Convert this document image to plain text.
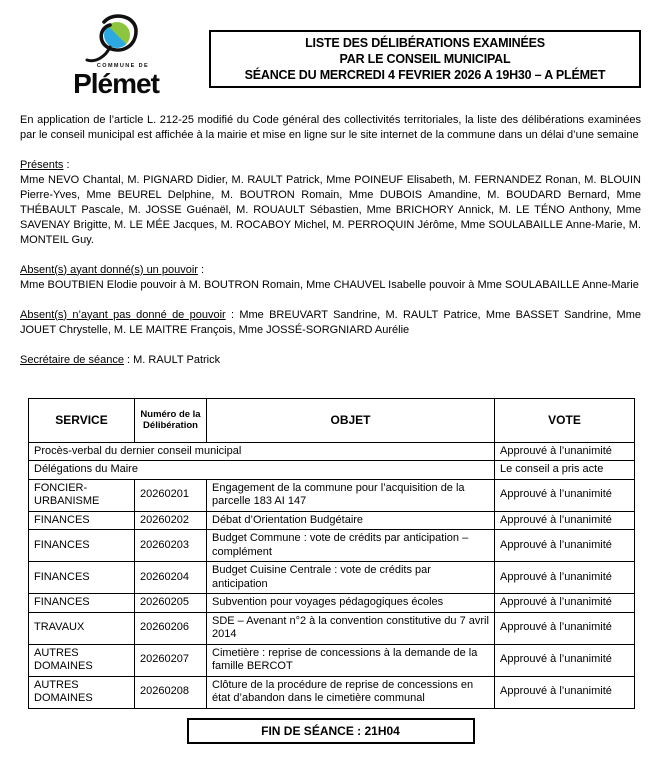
COMMUNE DE
Plémet
LISTE DES DÉLIBÉRATIONS EXAMINÉES
PAR LE CONSEIL MUNICIPAL
SÉANCE DU MERCREDI 4 FEVRIER 2026 A 19H30 – A PLÉMET

En application de l’article L. 212-25 modifié du Code général des collectivités territoriales, la liste des délibérations examinées par le conseil municipal est affichée à la mairie et mise en ligne sur le site internet de la commune dans un délai d’une semaine

Présents :
Mme NEVO Chantal, M. PIGNARD Didier, M. RAULT Patrick, Mme POINEUF Elisabeth, M. FERNANDEZ Ronan, M. BLOUIN Pierre-Yves, Mme BEUREL Delphine, M. BOUTRON Romain, Mme DUBOIS Amandine, M. BOUDARD Bernard, Mme THÉBAULT Pascale, M. JOSSE Guénaël, M. ROUAULT Sébastien, Mme BRICHORY Annick, M. LE TÉNO Anthony, Mme SAVENAY Brigitte, M. LE MÉE Jacques, M. ROCABOY Michel, M. PERROQUIN Jérôme, Mme SOULABAILLE Anne-Marie, M. MONTEIL Guy.
Absent(s) ayant donné(s) un pouvoir :
Mme BOUTBIEN Elodie pouvoir à M. BOUTRON Romain, Mme CHAUVEL Isabelle pouvoir à Mme SOULABAILLE Anne-Marie
Absent(s) n’ayant pas donné de pouvoir : Mme BREUVART Sandrine, M. RAULT Patrice, Mme BASSET Sandrine, Mme JOUET Chrystelle, M. LE MAITRE François, Mme JOSSÉ-SORGNIARD Aurélie
Secrétaire de séance : M. RAULT Patrick
SERVICE	Numéro de la Délibération	OBJET	VOTE
Procès-verbal du dernier conseil municipal			Approuvé à l’unanimité
Délégations du Maire			Le conseil a pris acte
FONCIER-URBANISME	20260201	Engagement de la commune pour l’acquisition de la parcelle 183 AI 147	Approuvé à l’unanimité
FINANCES	20260202	Débat d’Orientation Budgétaire	Approuvé à l’unanimité
FINANCES	20260203	Budget Commune : vote de crédits par anticipation – complément	Approuvé à l’unanimité
FINANCES	20260204	Budget Cuisine Centrale : vote de crédits par anticipation	Approuvé à l’unanimité
FINANCES	20260205	Subvention pour voyages pédagogiques écoles	Approuvé à l’unanimité
TRAVAUX	20260206	SDE – Avenant n°2 à la convention constitutive du 7 avril 2014	Approuvé à l’unanimité
AUTRES DOMAINES	20260207	Cimetière : reprise de concessions à la demande de la famille BERCOT	Approuvé à l’unanimité
AUTRES DOMAINES	20260208	Clôture de la procédure de reprise de concessions en état d’abandon dans le cimetière communal	Approuvé à l’unanimité
FIN DE SÉANCE : 21H04
